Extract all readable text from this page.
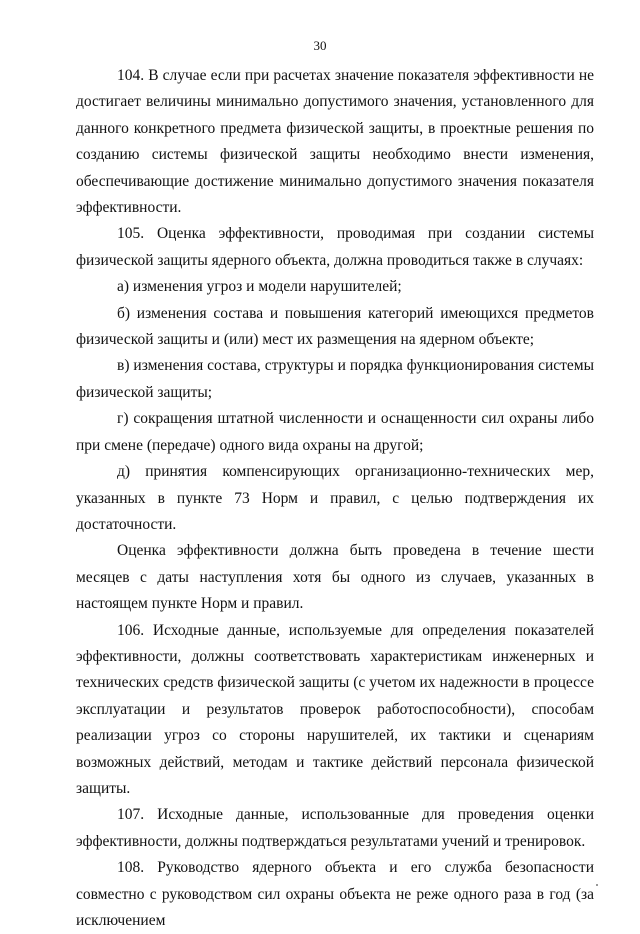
30

104. В случае если при расчетах значение показателя эффективности не достигает величины минимально допустимого значения, установленного для данного конкретного предмета физической защиты, в проектные решения по созданию системы физической защиты необходимо внести изменения, обеспечивающие достижение минимально допустимого значения показателя эффективности.

105. Оценка эффективности, проводимая при создании системы физической защиты ядерного объекта, должна проводиться также в случаях:

а) изменения угроз и модели нарушителей;

б) изменения состава и повышения категорий имеющихся предметов физической защиты и (или) мест их размещения на ядерном объекте;

в) изменения состава, структуры и порядка функционирования системы физической защиты;

г) сокращения штатной численности и оснащенности сил охраны либо при смене (передаче) одного вида охраны на другой;

д) принятия компенсирующих организационно-технических мер, указанных в пункте 73 Норм и правил, с целью подтверждения их достаточности.

Оценка эффективности должна быть проведена в течение шести месяцев с даты наступления хотя бы одного из случаев, указанных в настоящем пункте Норм и правил.

106. Исходные данные, используемые для определения показателей эффективности, должны соответствовать характеристикам инженерных и технических средств физической защиты (с учетом их надежности в процессе эксплуатации и результатов проверок работоспособности), способам реализации угроз со стороны нарушителей, их тактики и сценариям возможных действий, методам и тактике действий персонала физической защиты.

107. Исходные данные, использованные для проведения оценки эффективности, должны подтверждаться результатами учений и тренировок.

108. Руководство ядерного объекта и его служба безопасности совместно с руководством сил охраны объекта не реже одного раза в год (за исключением
